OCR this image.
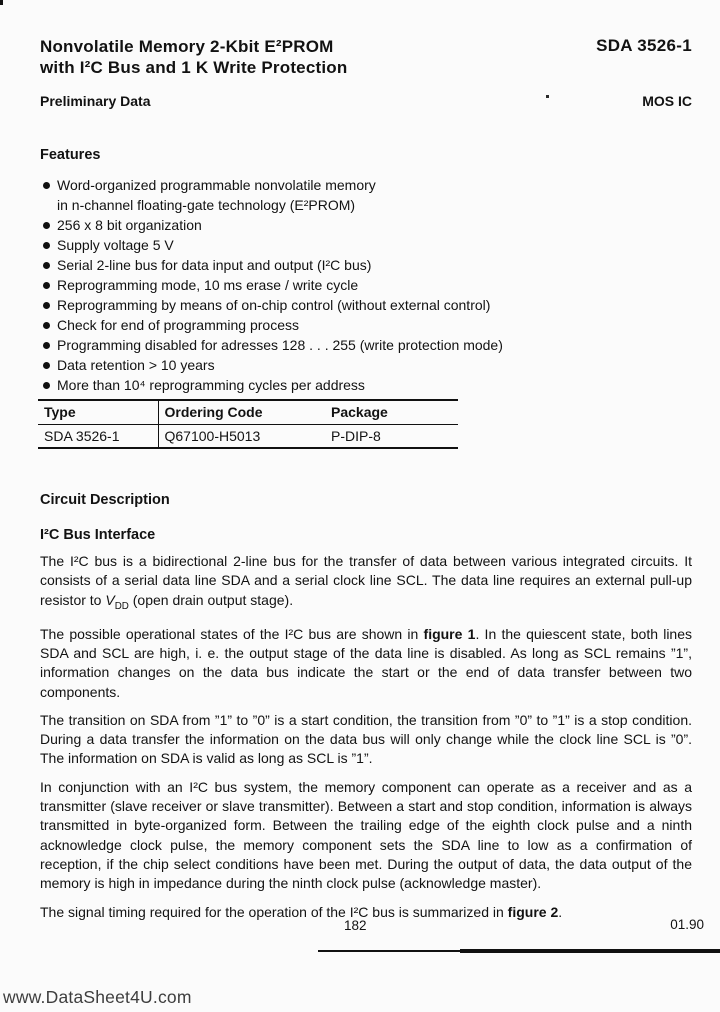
Nonvolatile Memory 2-Kbit E²PROM
with I²C Bus and 1 K Write Protection
SDA 3526-1
Preliminary Data	MOS IC
Features
Word-organized programmable nonvolatile memory
in n-channel floating-gate technology (E²PROM)
256 x 8 bit organization
Supply voltage 5 V
Serial 2-line bus for data input and output (I²C bus)
Reprogramming mode, 10 ms erase / write cycle
Reprogramming by means of on-chip control (without external control)
Check for end of programming process
Programming disabled for adresses 128 . . . 255 (write protection mode)
Data retention > 10 years
More than 10⁴ reprogramming cycles per address
Type	Ordering Code	Package
SDA 3526-1	Q67100-H5013	P-DIP-8
Circuit Description
I²C Bus Interface

The I²C bus is a bidirectional 2-line bus for the transfer of data between various integrated circuits. It consists of a serial data line SDA and a serial clock line SCL. The data line requires an external pull-up resistor to $V_{DD}$ (open drain output stage).

The possible operational states of the I²C bus are shown in figure 1. In the quiescent state, both lines SDA and SCL are high, i. e. the output stage of the data line is disabled. As long as SCL remains ”1”, information changes on the data bus indicate the start or the end of data transfer between two components.

The transition on SDA from ”1” to ”0” is a start condition, the transition from ”0” to ”1” is a stop condition. During a data transfer the information on the data bus will only change while the clock line SCL is ”0”. The information on SDA is valid as long as SCL is ”1”.

In conjunction with an I²C bus system, the memory component can operate as a receiver and as a transmitter (slave receiver or slave transmitter). Between a start and stop condition, information is always transmitted in byte-organized form. Between the trailing edge of the eighth clock pulse and a ninth acknowledge clock pulse, the memory component sets the SDA line to low as a confirmation of reception, if the chip select conditions have been met. During the output of data, the data output of the memory is high in impedance during the ninth clock pulse (acknowledge master).

The signal timing required for the operation of the I²C bus is summarized in figure 2.

182	01.90
www.DataSheet4U.com
